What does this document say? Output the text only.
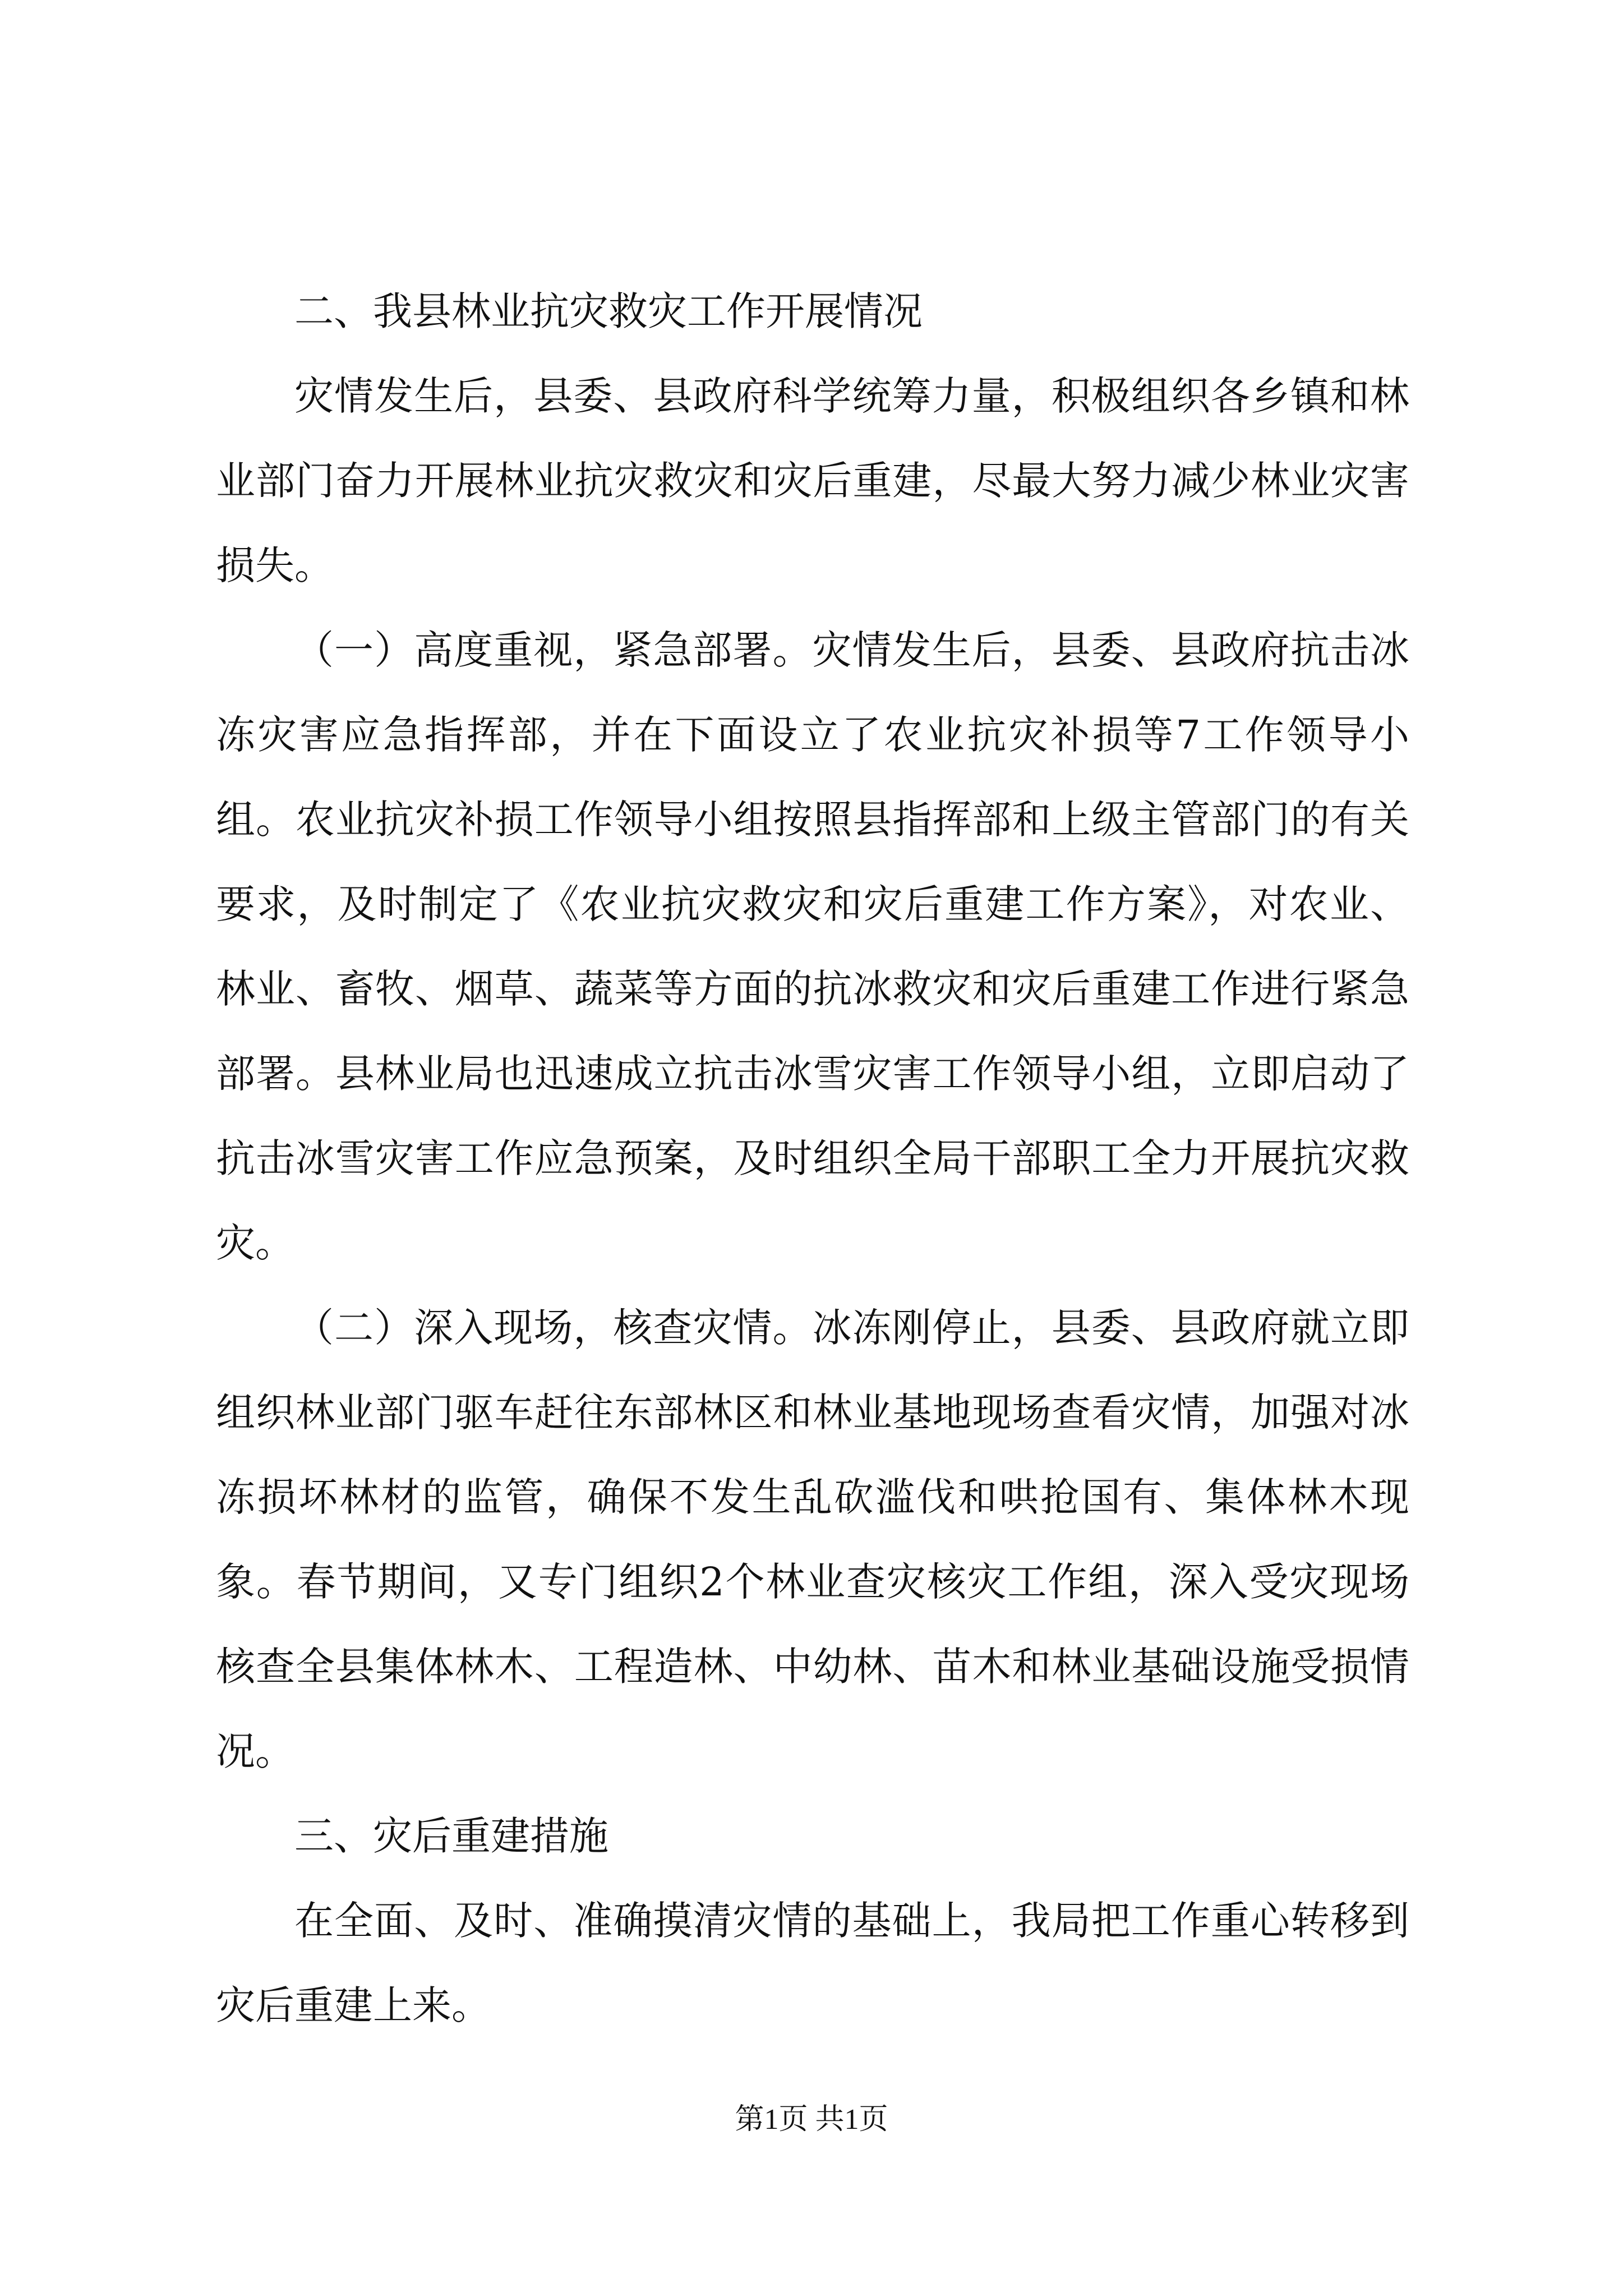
二、我县林业抗灾救灾工作开展情况

灾情发生后，县委、县政府科学统筹力量，积极组织各乡镇和林业部门奋力开展林业抗灾救灾和灾后重建，尽最大努力减少林业灾害损失。

（一）高度重视，紧急部署。灾情发生后，县委、县政府抗击冰冻灾害应急指挥部，并在下面设立了农业抗灾补损等7工作领导小组。农业抗灾补损工作领导小组按照县指挥部和上级主管部门的有关要求，及时制定了《农业抗灾救灾和灾后重建工作方案》，对农业、林业、畜牧、烟草、蔬菜等方面的抗冰救灾和灾后重建工作进行紧急部署。县林业局也迅速成立抗击冰雪灾害工作领导小组，立即启动了抗击冰雪灾害工作应急预案，及时组织全局干部职工全力开展抗灾救灾。

（二）深入现场，核查灾情。冰冻刚停止，县委、县政府就立即组织林业部门驱车赶往东部林区和林业基地现场查看灾情，加强对冰冻损坏林材的监管，确保不发生乱砍滥伐和哄抢国有、集体林木现象。春节期间，又专门组织2个林业查灾核灾工作组，深入受灾现场核查全县集体林木、工程造林、中幼林、苗木和林业基础设施受损情况。

三、灾后重建措施

在全面、及时、准确摸清灾情的基础上，我局把工作重心转移到灾后重建上来。

第1页 共1页
